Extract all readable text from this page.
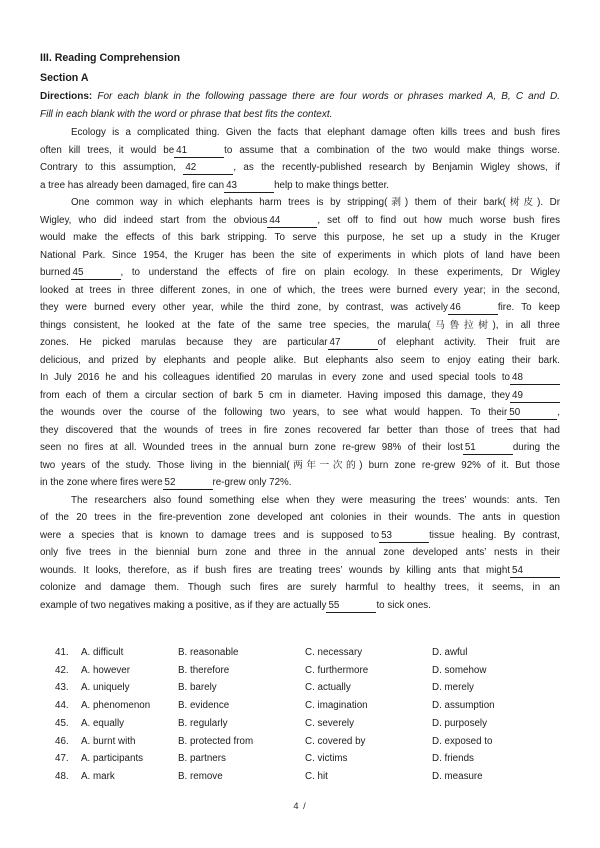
III. Reading Comprehension
Section A
Directions: For each blank in the following passage there are four words or phrases marked A, B, C and D.
Fill in each blank with the word or phrase that best fits the context.
Ecology is a complicated thing. Given the facts that elephant damage often kills trees and bush fires
often kill trees, it would be 41	to assume that a combination of the two would make things worse.
Contrary to this assumption, 42	, as the recently-published research by Benjamin Wigley shows, if
a tree has already been damaged, fire can 43	help to make things better.
One common way in which elephants harm trees is by stripping(剥) them of their bark(树皮). Dr
Wigley, who did indeed start from the obvious 44	, set off to find out how much worse bush fires
would make the effects of this bark stripping. To serve this purpose, he set up a study in the Kruger
National Park. Since 1954, the Kruger has been the site of experiments in which plots of land have been
burned 45	, to understand the effects of fire on plain ecology. In these experiments, Dr Wigley
looked at trees in three different zones, in one of which, the trees were burned every year; in the second,
they were burned every other year, while the third zone, by contrast, was actively 46	fire. To keep
things consistent, he looked at the fate of the same tree species, the marula(马鲁拉树), in all three
zones. He picked marulas because they are particular 47	of elephant activity. Their fruit are
delicious, and prized by elephants and people alike. But elephants also seem to enjoy eating their bark.
In July 2016 he and his colleagues identified 20 marulas in every zone and used special tools to 48
from each of them a circular section of bark 5 cm in diameter. Having imposed this damage, they 49
the wounds over the course of the following two years, to see what would happen. To their 50	,
they discovered that the wounds of trees in fire zones recovered far better than those of trees that had
seen no fires at all. Wounded trees in the annual burn zone re-grew 98% of their lost 51	during the
two years of the study. Those living in the biennial(两年一次的) burn zone re-grew 92% of it. But those
in the zone where fires were 52	re-grew only 72%.
The researchers also found something else when they were measuring the trees’ wounds: ants. Ten
of the 20 trees in the fire-prevention zone developed ant colonies in their wounds. The ants in question
were a species that is known to damage trees and is supposed to 53	tissue healing. By contrast,
only five trees in the biennial burn zone and three in the annual zone developed ants’ nests in their
wounds. It looks, therefore, as if bush fires are treating trees’ wounds by killing ants that might 54
colonize and damage them. Though such fires are surely harmful to healthy trees, it seems, in an
example of two negatives making a positive, as if they are actually 55	to sick ones.
41.	A. difficult	B. reasonable	C. necessary	D. awful
42.	A. however	B. therefore	C. furthermore	D. somehow
43.	A. uniquely	B. barely	C. actually	D. merely
44.	A. phenomenon	B. evidence	C. imagination	D. assumption
45.	A. equally	B. regularly	C. severely	D. purposely
46.	A. burnt with	B. protected from	C. covered by	D. exposed to
47.	A. participants	B. partners	C. victims	D. friends
48.	A. mark	B. remove	C. hit	D. measure
4 /
